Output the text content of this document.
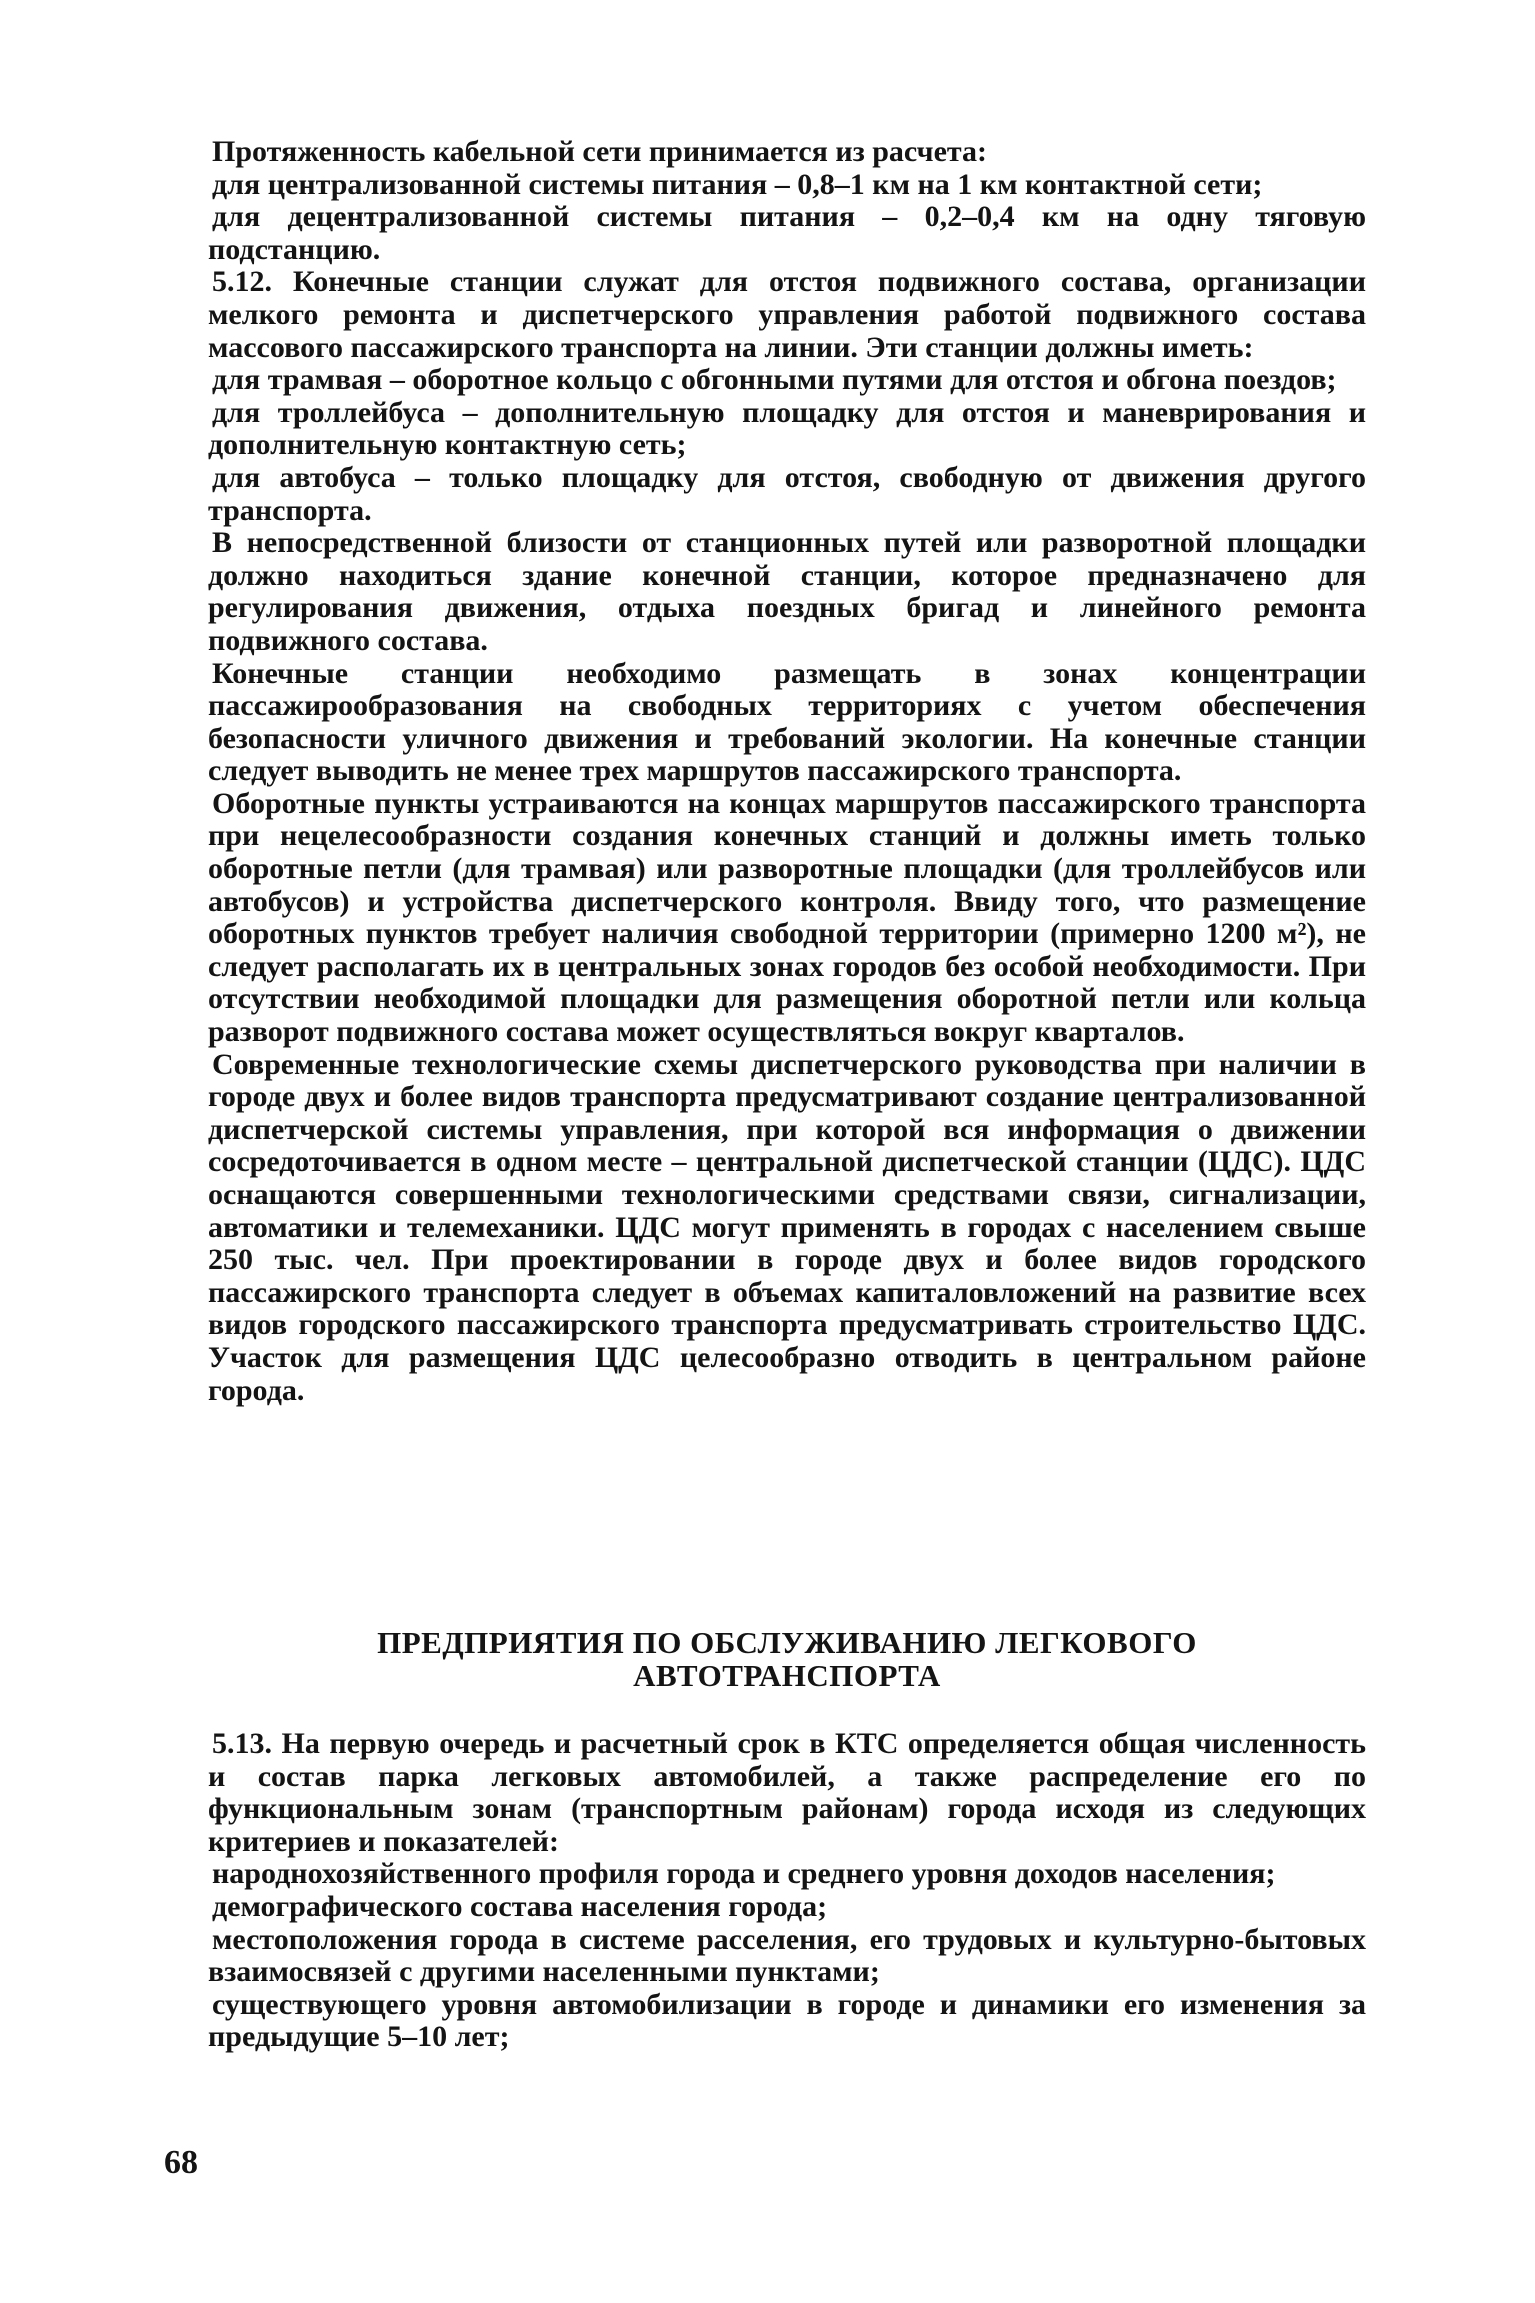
Протяженность кабельной сети принимается из расчета:

для централизованной системы питания – 0,8–1 км на 1 км контактной сети;

для децентрализованной системы питания – 0,2–0,4 км на одну тяговую подстанцию.

5.12. Конечные станции служат для отстоя подвижного состава, организации мелкого ремонта и диспетчерского управления работой подвижного состава массового пассажирского транспорта на линии. Эти станции должны иметь:

для трамвая – оборотное кольцо с обгонными путями для отстоя и обгона поездов;

для троллейбуса – дополнительную площадку для отстоя и маневрирования и дополнительную контактную сеть;

для автобуса – только площадку для отстоя, свободную от движения другого транспорта.

В непосредственной близости от станционных путей или разворотной площадки должно находиться здание конечной станции, которое предназначено для регулирования движения, отдыха поездных бригад и линейного ремонта подвижного состава.

Конечные станции необходимо размещать в зонах концентрации пассажирообразования на свободных территориях с учетом обеспечения безопасности уличного движения и требований экологии. На конечные станции следует выводить не менее трех маршрутов пассажирского транспорта.

Оборотные пункты устраиваются на концах маршрутов пассажирского транспорта при нецелесообразности создания конечных станций и должны иметь только оборотные петли (для трамвая) или разворотные площадки (для троллейбусов или автобусов) и устройства диспетчерского контроля. Ввиду того, что размещение оборотных пунктов требует наличия свободной территории (примерно 1200 м²), не следует располагать их в центральных зонах городов без особой необходимости. При отсутствии необходимой площадки для размещения оборотной петли или кольца разворот подвижного состава может осуществляться вокруг кварталов.

Современные технологические схемы диспетчерского руководства при наличии в городе двух и более видов транспорта предусматривают создание централизованной диспетчерской системы управления, при которой вся информация о движении сосредоточивается в одном месте – центральной диспетческой станции (ЦДС). ЦДС оснащаются совершенными технологическими средствами связи, сигнализации, автоматики и телемеханики. ЦДС могут применять в городах с населением свыше 250 тыс. чел. При проектировании в городе двух и более видов городского пассажирского транспорта следует в объемах капиталовложений на развитие всех видов городского пассажирского транспорта предусматривать строительство ЦДС. Участок для размещения ЦДС целесообразно отводить в центральном районе города.

ПРЕДПРИЯТИЯ ПО ОБСЛУЖИВАНИЮ ЛЕГКОВОГО
АВТОТРАНСПОРТА

5.13. На первую очередь и расчетный срок в КТС определяется общая численность и состав парка легковых автомобилей, а также распределение его по функциональным зонам (транспортным районам) города исходя из следующих критериев и показателей:

народнохозяйственного профиля города и среднего уровня доходов населения;

демографического состава населения города;

местоположения города в системе расселения, его трудовых и культурно-бытовых взаимосвязей с другими населенными пунктами;

существующего уровня автомобилизации в городе и динамики его изменения за предыдущие 5–10 лет;

68
